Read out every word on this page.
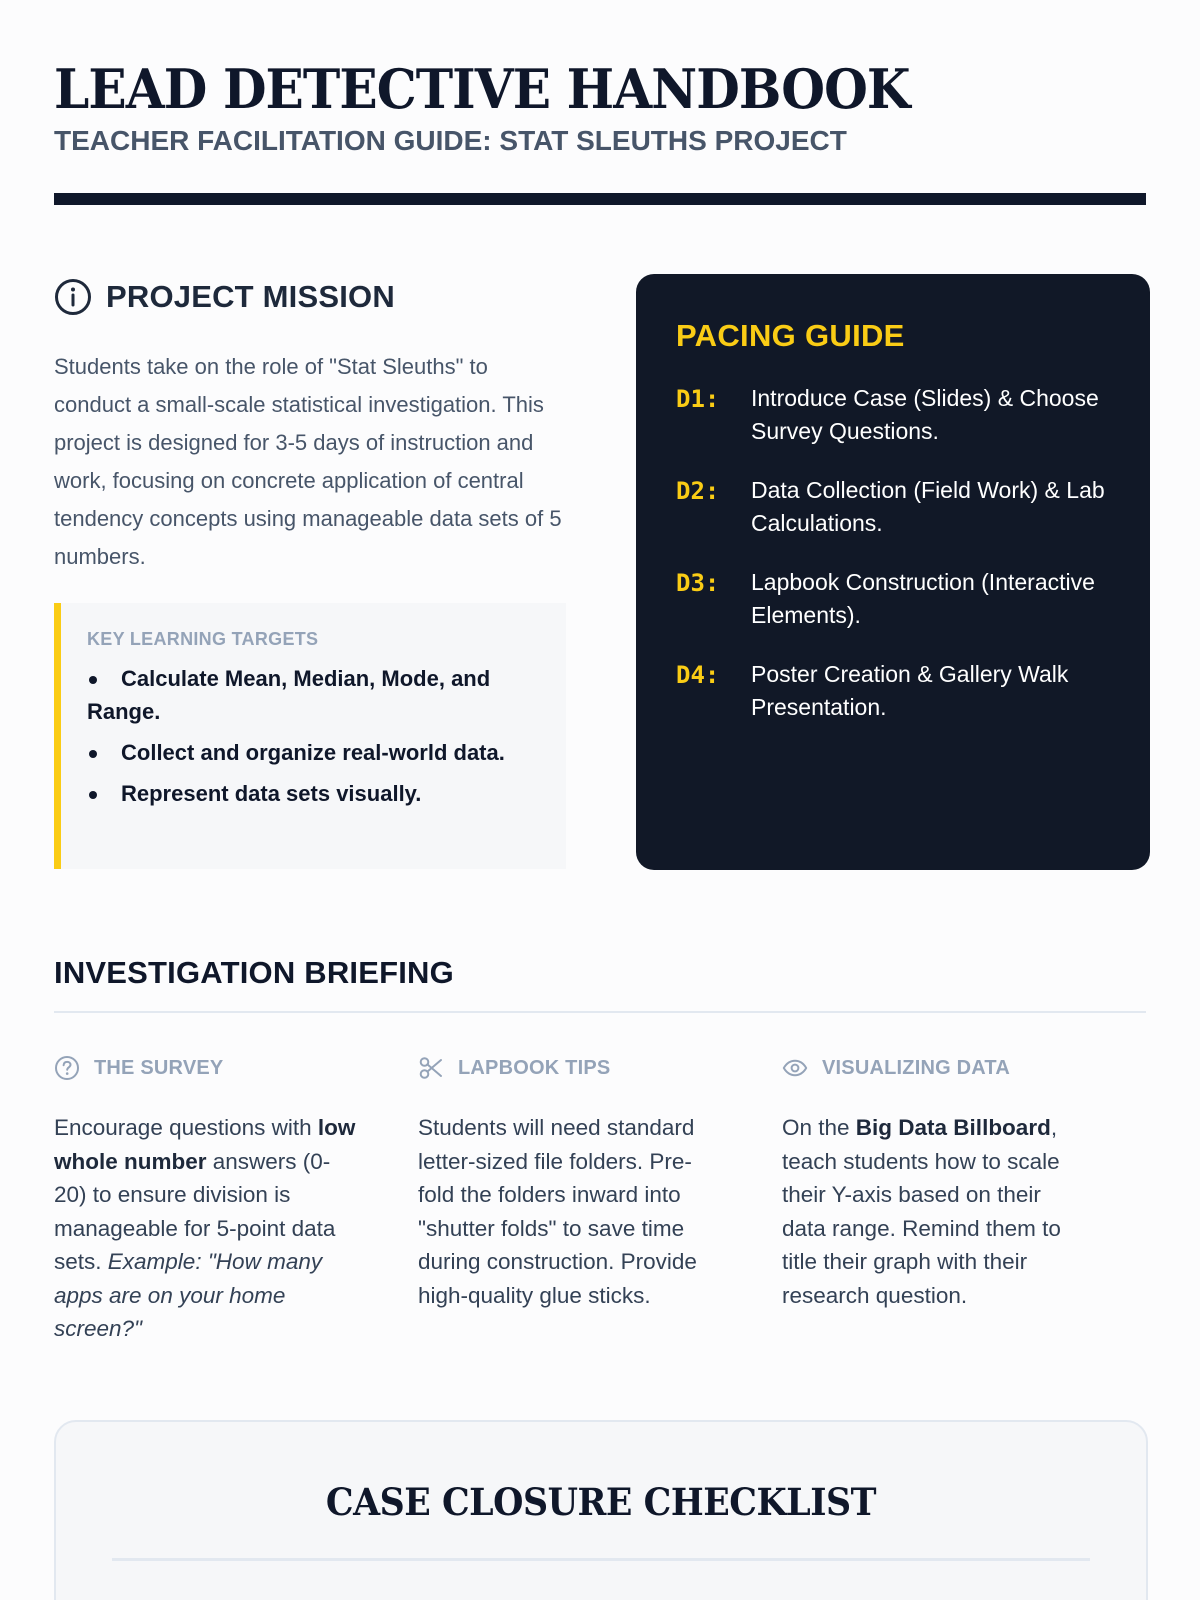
LEAD DETECTIVE HANDBOOK
TEACHER FACILITATION GUIDE: STAT SLEUTHS PROJECT
PROJECT MISSION

Students take on the role of "Stat Sleuths" to conduct a small-scale statistical investigation. This project is designed for 3-5 days of instruction and work, focusing on concrete application of central tendency concepts using manageable data sets of 5 numbers.

KEY LEARNING TARGETS
Calculate Mean, Median, Mode, and Range.
Collect and organize real-world data.
Represent data sets visually.
PACING GUIDE
D1:	Introduce Case (Slides) & Choose Survey Questions.
D2:	Data Collection (Field Work) & Lab Calculations.
D3:	Lapbook Construction (Interactive Elements).
D4:	Poster Creation & Gallery Walk Presentation.
INVESTIGATION BRIEFING
THE SURVEY

Encourage questions with low whole number answers (0-20) to ensure division is manageable for 5-point data sets. Example: "How many apps are on your home screen?"

LAPBOOK TIPS

Students will need standard letter-sized file folders. Pre-fold the folders inward into "shutter folds" to save time during construction. Provide high-quality glue sticks.

VISUALIZING DATA

On the Big Data Billboard, teach students how to scale their Y-axis based on their data range. Remind them to title their graph with their research question.

CASE CLOSURE CHECKLIST
